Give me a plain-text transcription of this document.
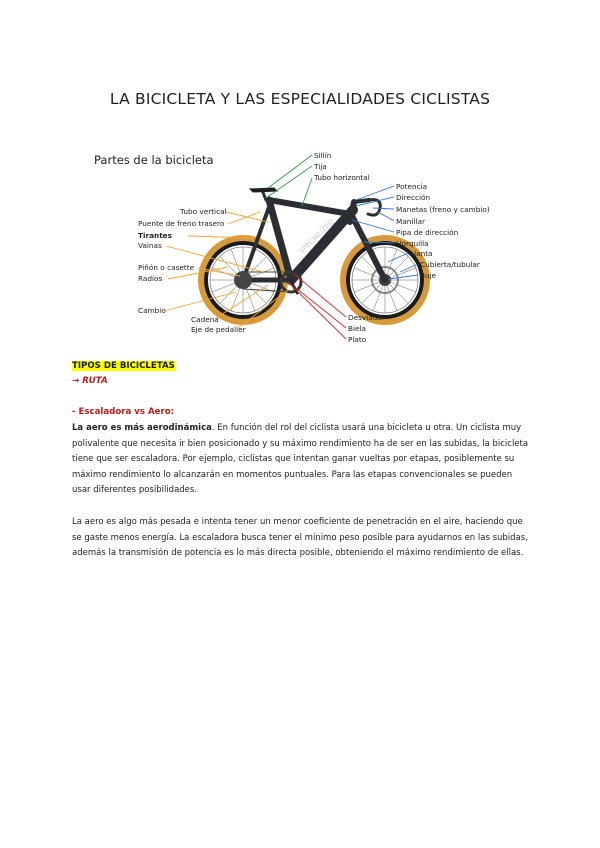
LA BICICLETA Y LAS ESPECIALIDADES CICLISTAS
Partes de la bicicleta
SPECIALIZED
Tubo vertical
Puente de freno trasero
Tirantes
Vainas
Piñón o casette
Radios
Cambio
Cadena
Eje de pedalier
Sillín
Tija
Tubo horizontal
Potencia
Dirección
Manetas (freno y cambio)
Manillar
Pipa de dirección
Horquilla
Llanta
Cubierta/tubular
Buje
Desviador
Biela
Plato
TIPOS DE BICICLETAS
→ RUTA
- Escaladora vs Aero:
La aero es más aerodinámica. En función del rol del ciclista usará una bicicleta u otra. Un ciclista muy polivalente que necesita ir bien posicionado y su máximo rendimiento ha de ser en las subidas, la bicicleta tiene que ser escaladora. Por ejemplo, ciclistas que intentan ganar vueltas por etapas, posiblemente su máximo rendimiento lo alcanzarán en momentos puntuales. Para las etapas convencionales se pueden usar diferentes posibilidades.
La aero es algo más pesada e intenta tener un menor coeficiente de penetración en el aire, haciendo que se gaste menos energía. La escaladora busca tener el mínimo peso posible para ayudarnos en las subidas, además la transmisión de potencia es lo más directa posible, obteniendo el máximo rendimiento de ellas.
